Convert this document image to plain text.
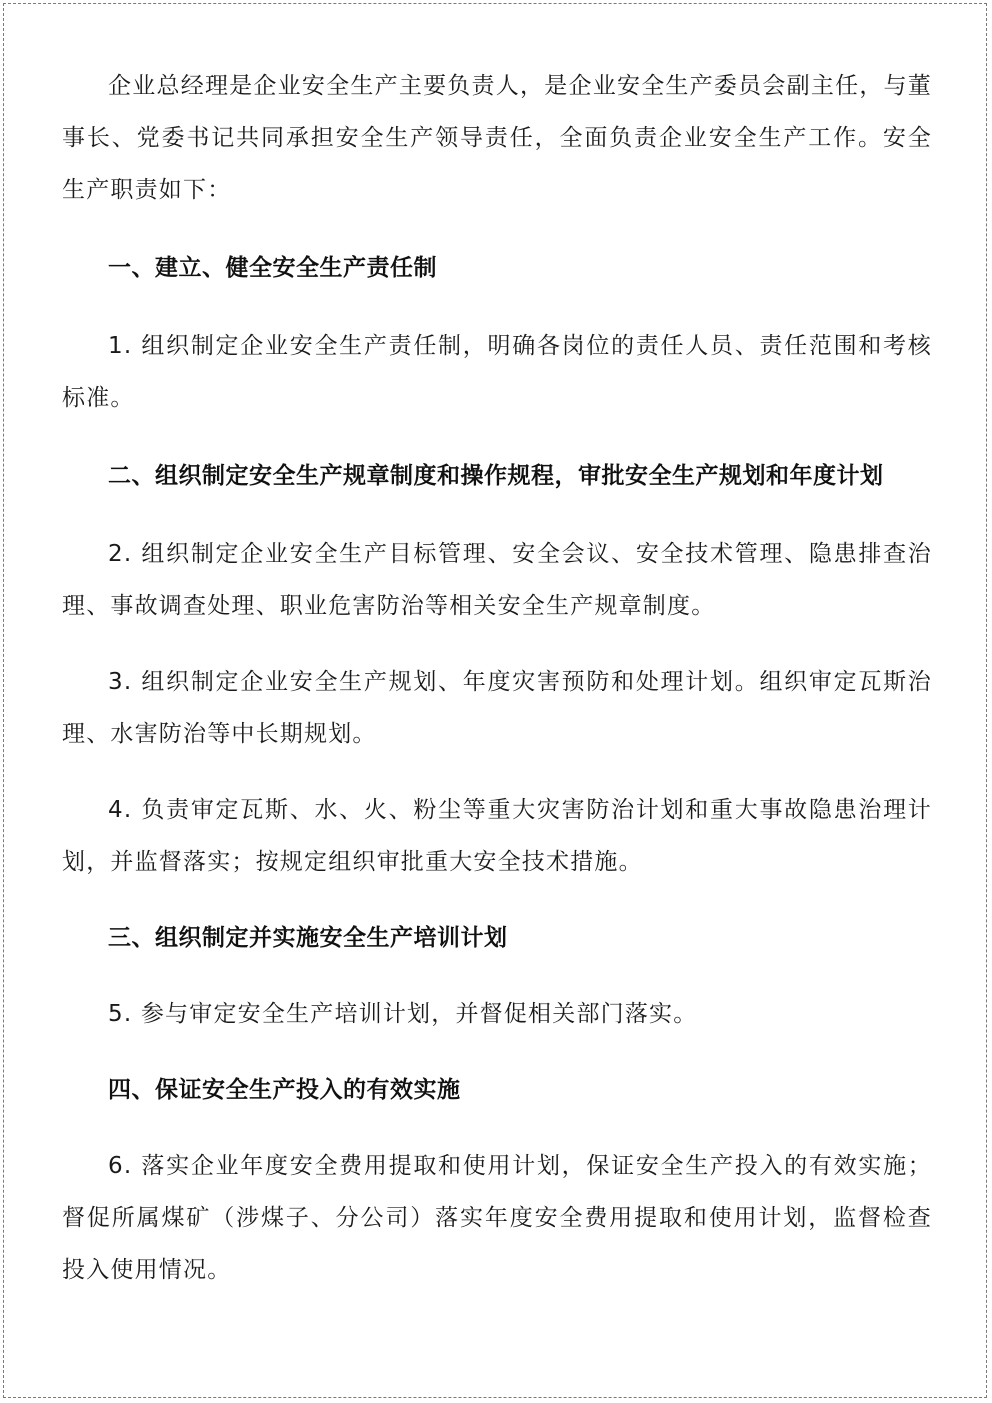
企业总经理是企业安全生产主要负责人，是企业安全生产委员会副主任，与董事长、党委书记共同承担安全生产领导责任，全面负责企业安全生产工作。安全生产职责如下：

一、建立、健全安全生产责任制

1. 组织制定企业安全生产责任制，明确各岗位的责任人员、责任范围和考核标准。

二、组织制定安全生产规章制度和操作规程，审批安全生产规划和年度计划

2. 组织制定企业安全生产目标管理、安全会议、安全技术管理、隐患排查治理、事故调查处理、职业危害防治等相关安全生产规章制度。

3. 组织制定企业安全生产规划、年度灾害预防和处理计划。组织审定瓦斯治理、水害防治等中长期规划。

4. 负责审定瓦斯、水、火、粉尘等重大灾害防治计划和重大事故隐患治理计划，并监督落实；按规定组织审批重大安全技术措施。

三、组织制定并实施安全生产培训计划

5. 参与审定安全生产培训计划，并督促相关部门落实。

四、保证安全生产投入的有效实施

6. 落实企业年度安全费用提取和使用计划，保证安全生产投入的有效实施；督促所属煤矿（涉煤子、分公司）落实年度安全费用提取和使用计划，监督检查投入使用情况。
